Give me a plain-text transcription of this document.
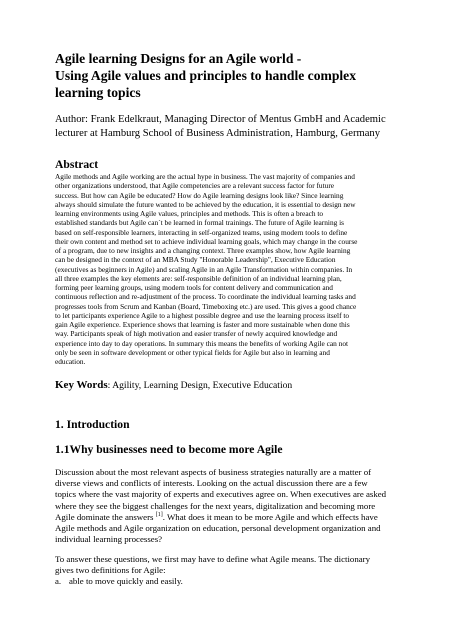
Agile learning Designs for an Agile world -
Using Agile values and principles to handle complex
learning topics
Author: Frank Edelkraut, Managing Director of Mentus GmbH and Academic
lecturer at Hamburg School of Business Administration, Hamburg, Germany
Abstract
Agile methods and Agile working are the actual hype in business. The vast majority of companies and
other organizations understood, that Agile competencies are a relevant success factor for future
success. But how can Agile be educated? How do Agile learning designs look like? Since learning
always should simulate the future wanted to be achieved by the education, it is essential to design new
learning environments using Agile values, principles and methods. This is often a breach to
established standards but Agile can´t be learned in formal trainings. The future of Agile learning is
based on self-responsible learners, interacting in self-organized teams, using modern tools to define
their own content and method set to achieve individual learning goals, which may change in the course
of a program, due to new insights and a changing context. Three examples show, how Agile learning
can be designed in the context of an MBA Study "Honorable Leadership", Executive Education
(executives as beginners in Agile) and scaling Agile in an Agile Transformation within companies. In
all three examples the key elements are: self-responsible definition of an individual learning plan,
forming peer learning groups, using modern tools for content delivery and communication and
continuous reflection and re-adjustment of the process. To coordinate the individual learning tasks and
progresses tools from Scrum and Kanban (Board, Timeboxing etc.) are used. This gives a good chance
to let participants experience Agile to a highest possible degree and use the learning process itself to
gain Agile experience. Experience shows that learning is faster and more sustainable when done this
way. Participants speak of high motivation and easier transfer of newly acquired knowledge and
experience into day to day operations. In summary this means the benefits of working Agile can not
only be seen in software development or other typical fields for Agile but also in learning and
education.
Key Words: Agility, Learning Design, Executive Education
1. Introduction
1.1Why businesses need to become more Agile
Discussion about the most relevant aspects of business strategies naturally are a matter of
diverse views and conflicts of interests. Looking on the actual discussion there are a few
topics where the vast majority of experts and executives agree on. When executives are asked
where they see the biggest challenges for the next years, digitalization and becoming more
Agile dominate the answers [1]. What does it mean to be more Agile and which effects have
Agile methods and Agile organization on education, personal development organization and
individual learning processes?
To answer these questions, we first may have to define what Agile means. The dictionary
gives two definitions for Agile:
a. able to move quickly and easily.
